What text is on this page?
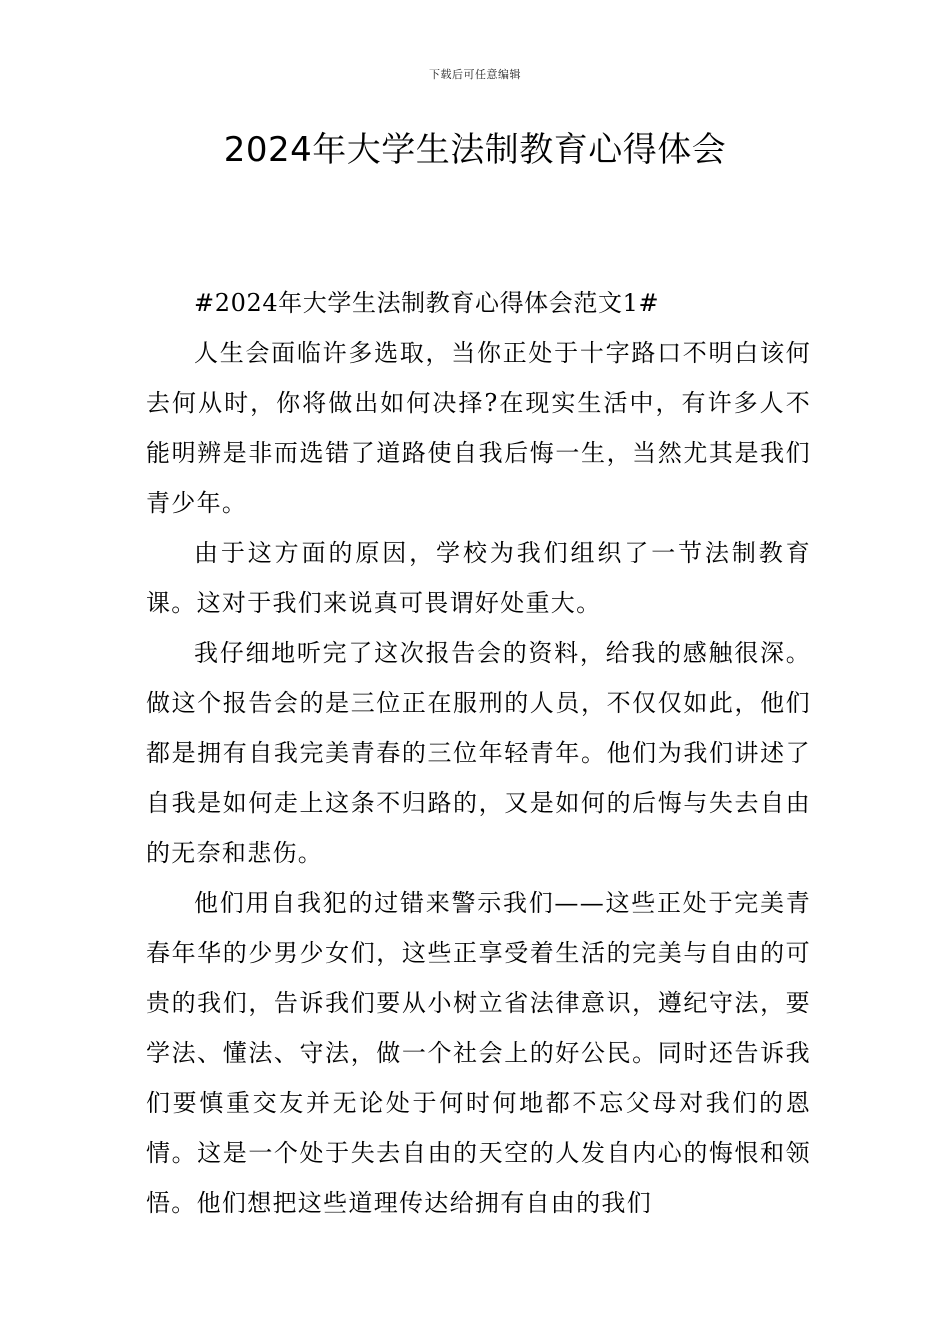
下载后可任意编辑
2024年大学生法制教育心得体会

#2024年大学生法制教育心得体会范文1#

人生会面临许多选取，当你正处于十字路口不明白该何去何从时，你将做出如何决择?在现实生活中，有许多人不能明辨是非而选错了道路使自我后悔一生，当然尤其是我们青少年。

由于这方面的原因，学校为我们组织了一节法制教育课。这对于我们来说真可畏谓好处重大。

我仔细地听完了这次报告会的资料，给我的感触很深。做这个报告会的是三位正在服刑的人员，不仅仅如此，他们都是拥有自我完美青春的三位年轻青年。他们为我们讲述了自我是如何走上这条不归路的，又是如何的后悔与失去自由的无奈和悲伤。

他们用自我犯的过错来警示我们——这些正处于完美青春年华的少男少女们，这些正享受着生活的完美与自由的可贵的我们，告诉我们要从小树立省法律意识，遵纪守法，要学法、懂法、守法，做一个社会上的好公民。同时还告诉我们要慎重交友并无论处于何时何地都不忘父母对我们的恩情。这是一个处于失去自由的天空的人发自内心的悔恨和领悟。他们想把这些道理传达给拥有自由的我们
